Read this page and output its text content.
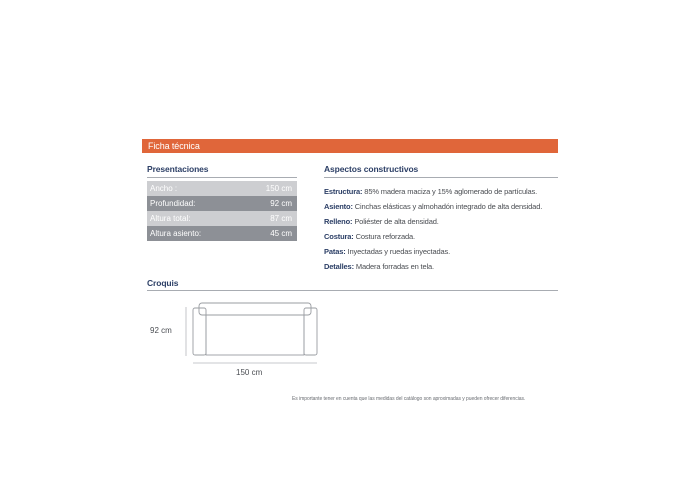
Ficha técnica
Presentaciones
Ancho :	150 cm
Profundidad:	92 cm
Altura total:	87 cm
Altura asiento:	45 cm
Aspectos constructivos
Estructura: 85% madera maciza y 15% aglomerado de partículas.
Asiento: Cinchas elásticas y almohadón integrado de alta densidad.
Relleno: Poliéster de alta densidad.
Costura: Costura reforzada.
Patas: Inyectadas y ruedas inyectadas.
Detalles: Madera forradas en tela.
Croquis
92 cm
150 cm
Es importante tener en cuenta que las medidas del catálogo son aproximadas y pueden ofrecer diferencias.
